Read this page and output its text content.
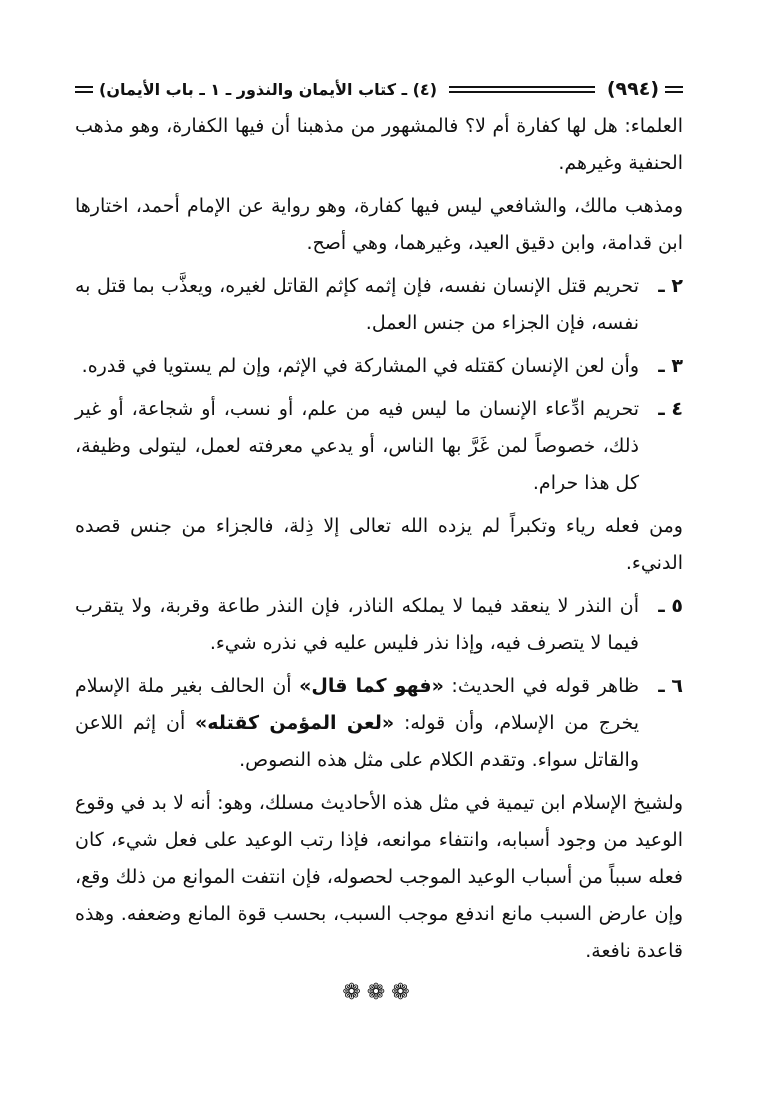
(٩٩٤)
(٤) ـ كتاب الأيمان والنذور ـ ١ ـ باب الأيمان)

العلماء: هل لها كفارة أم لا؟ فالمشهور من مذهبنا أن فيها الكفارة، وهو مذهب الحنفية وغيرهم.

ومذهب مالك، والشافعي ليس فيها كفارة، وهو رواية عن الإمام أحمد، اختارها ابن قدامة، وابن دقيق العيد، وغيرهما، وهي أصح.

٢ ـ
تحريم قتل الإنسان نفسه، فإن إثمه كإثم القاتل لغيره، ويعذَّب بما قتل به نفسه، فإن الجزاء من جنس العمل.
٣ ـ
وأن لعن الإنسان كقتله في المشاركة في الإثم، وإن لم يستويا في قدره.
٤ ـ
تحريم ادِّعاء الإنسان ما ليس فيه من علم، أو نسب، أو شجاعة، أو غير ذلك، خصوصاً لمن غَرَّ بها الناس، أو يدعي معرفته لعمل، ليتولى وظيفة، كل هذا حرام.

ومن فعله رياء وتكبراً لم يزده الله تعالى إلا ذِلة، فالجزاء من جنس قصده الدنيء.

٥ ـ
أن النذر لا ينعقد فيما لا يملكه الناذر، فإن النذر طاعة وقربة، ولا يتقرب فيما لا يتصرف فيه، وإذا نذر فليس عليه في نذره شيء.
٦ ـ
ظاهر قوله في الحديث: «فهو كما قال» أن الحالف بغير ملة الإسلام يخرج من الإسلام، وأن قوله: «لعن المؤمن كقتله» أن إثم اللاعن والقاتل سواء. وتقدم الكلام على مثل هذه النصوص.

ولشيخ الإسلام ابن تيمية في مثل هذه الأحاديث مسلك، وهو: أنه لا بد في وقوع الوعيد من وجود أسبابه، وانتفاء موانعه، فإذا رتب الوعيد على فعل شيء، كان فعله سبباً من أسباب الوعيد الموجب لحصوله، فإن انتفت الموانع من ذلك وقع، وإن عارض السبب مانع اندفع موجب السبب، بحسب قوة المانع وضعفه. وهذه قاعدة نافعة.

❁❁❁
